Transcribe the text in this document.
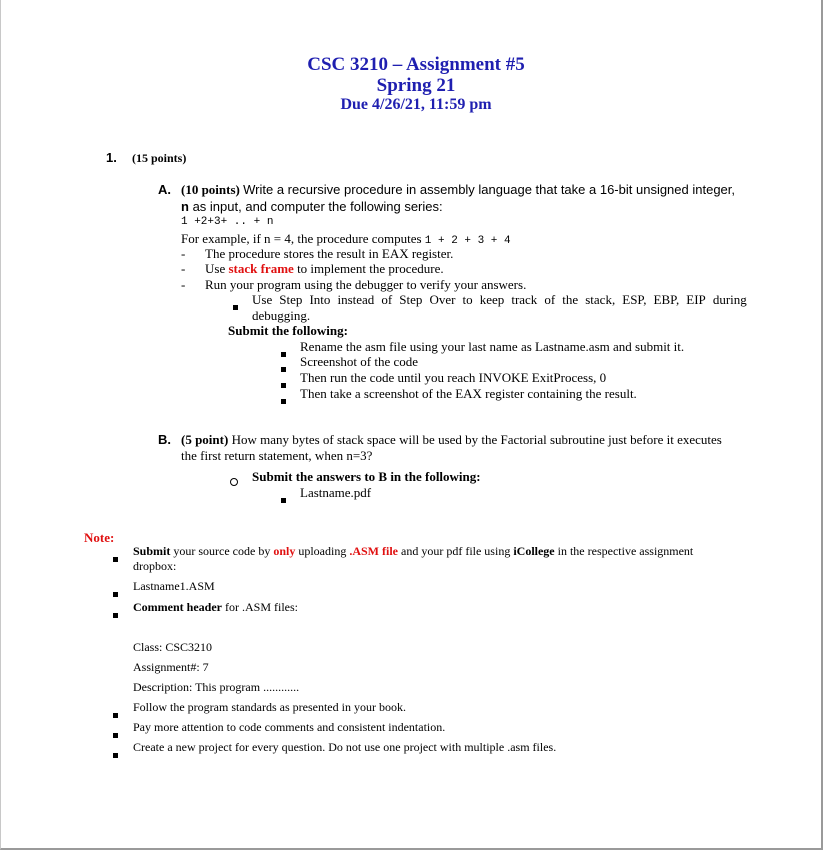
CSC 3210 – Assignment #5
Spring 21
Due 4/26/21, 11:59 pm
1. (15 points)
A. (10 points) Write a recursive procedure in assembly language that take a 16-bit unsigned integer,
n as input, and computer the following series:
1 +2+3+ .. + n
For example, if n = 4, the procedure computes 1 + 2 + 3 + 4
- The procedure stores the result in EAX register.
- Use stack frame to implement the procedure.
- Run your program using the debugger to verify your answers.
Use Step Into instead of Step Over to keep track of the stack, ESP, EBP, EIP during
debugging.
Submit the following:
Rename the asm file using your last name as Lastname.asm and submit it.
Screenshot of the code
Then run the code until you reach INVOKE ExitProcess, 0
Then take a screenshot of the EAX register containing the result.
B. (5 point) How many bytes of stack space will be used by the Factorial subroutine just before it executes
the first return statement, when n=3?
Submit the answers to B in the following:
Lastname.pdf
Note:
Submit your source code by only uploading .ASM file and your pdf file using iCollege in the respective assignment
dropbox:
Lastname1.ASM
Comment header for .ASM files:
Class: CSC3210
Assignment#: 7
Description: This program ............
Follow the program standards as presented in your book.
Pay more attention to code comments and consistent indentation.
Create a new project for every question. Do not use one project with multiple .asm files.
